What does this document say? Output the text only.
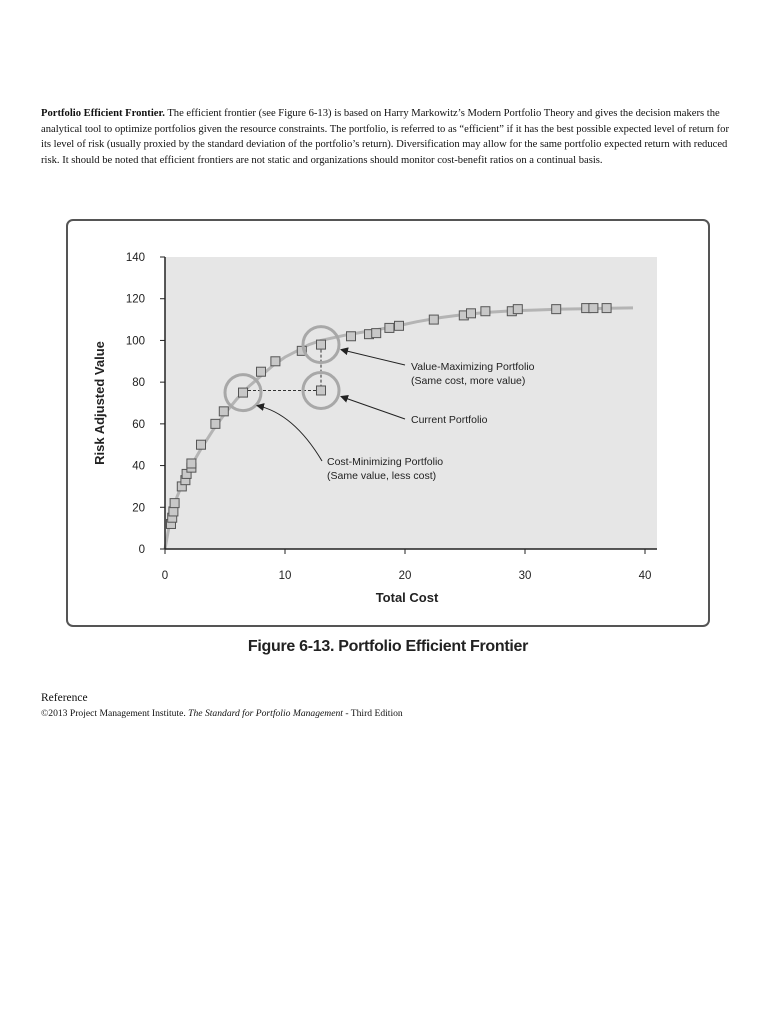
Portfolio Efficient Frontier. The efficient frontier (see Figure 6-13) is based on Harry Markowitz’s Modern Portfolio Theory and gives the decision makers the analytical tool to optimize portfolios given the resource constraints. The portfolio, is referred to as “efficient” if it has the best possible expected level of return for its level of risk (usually proxied by the standard deviation of the portfolio’s return). Diversification may allow for the same portfolio expected return with reduced risk. It should be noted that efficient frontiers are not static and organizations should monitor cost-benefit ratios on a continual basis.
0
20
40
60
80
100
120
140
0	10	20	30	40
Total Cost
Risk Adjusted Value	Value-Maximizing Portfolio
(Same cost, more value)
Current Portfolio
Cost-Minimizing Portfolio
(Same value, less cost)
Figure 6-13. Portfolio Efficient Frontier
Reference
©2013 Project Management Institute. The Standard for Portfolio Management - Third Edition
